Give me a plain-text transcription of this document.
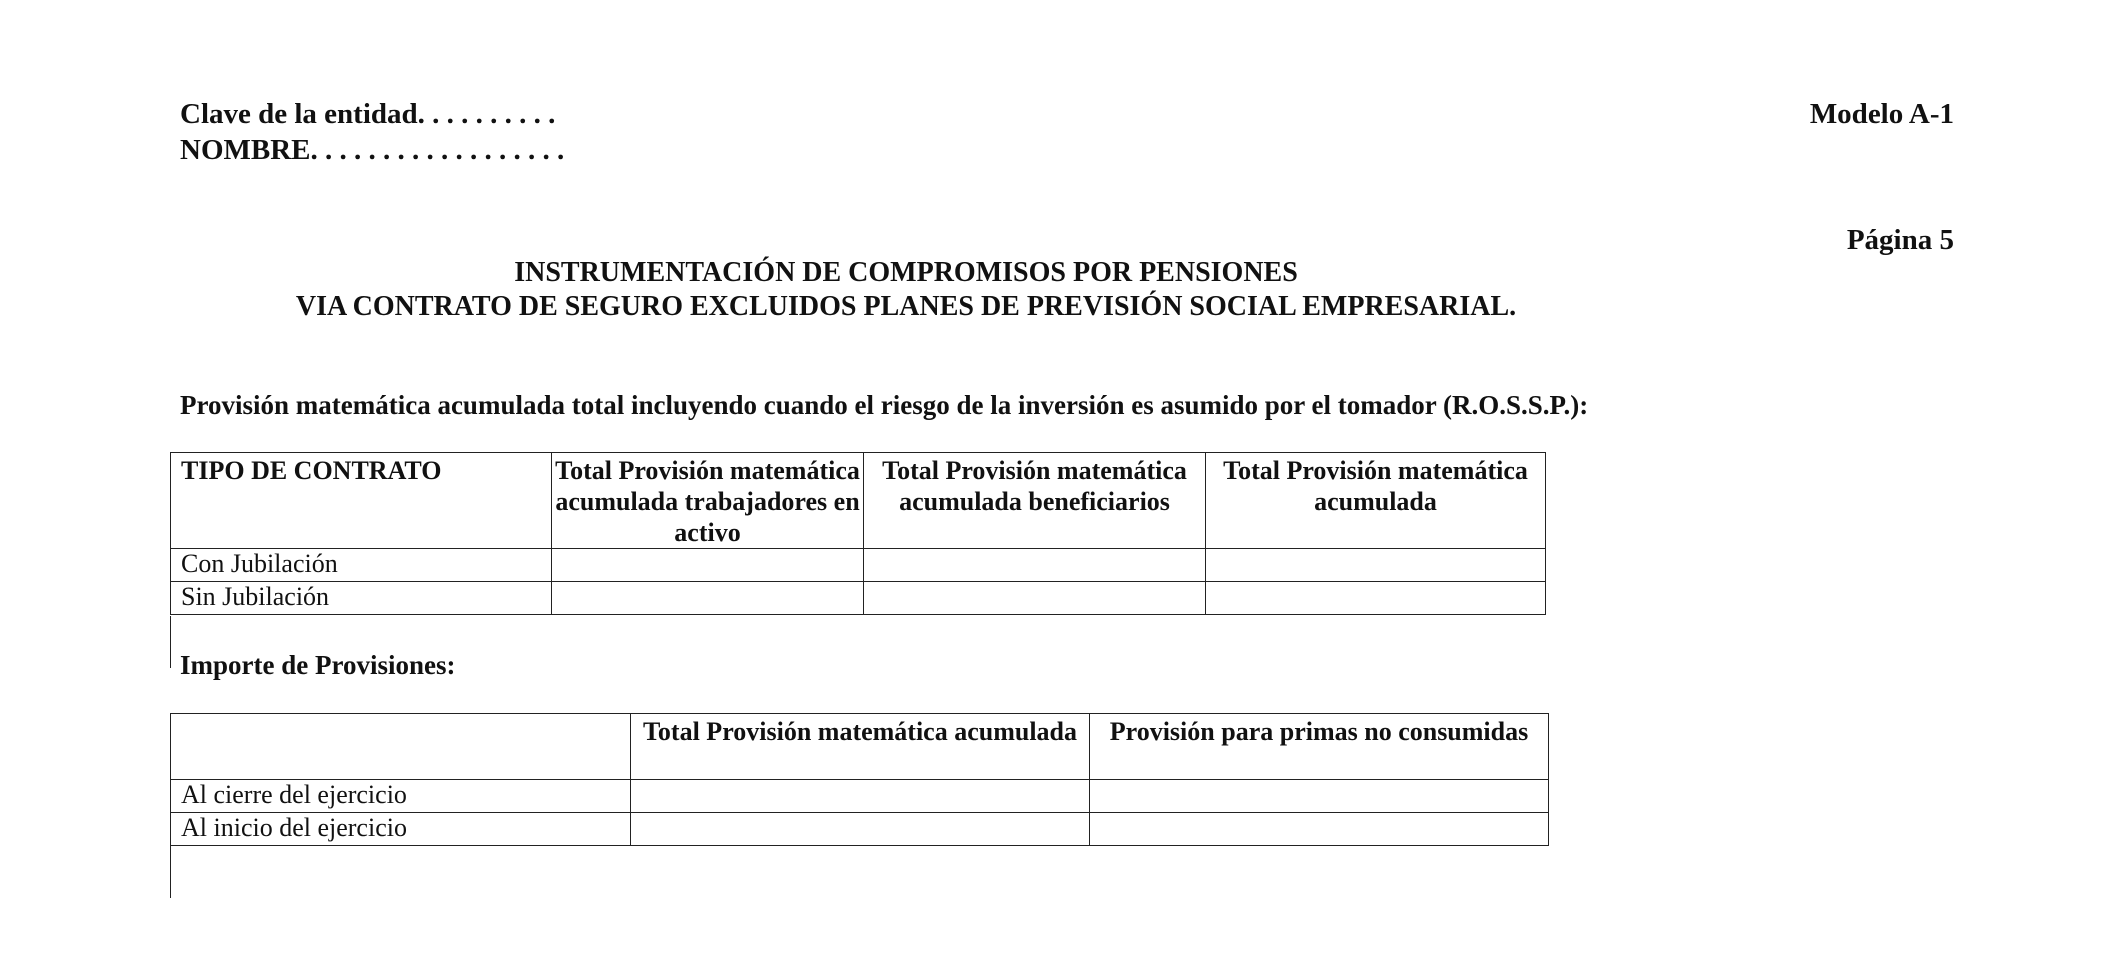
Clave de la entidad. . . . . . . . . .
NOMBRE. . . . . . . . . . . . . . . . . .
Modelo A-1
Página 5
INSTRUMENTACIÓN DE COMPROMISOS POR PENSIONES
VIA CONTRATO DE SEGURO EXCLUIDOS PLANES DE PREVISIÓN SOCIAL EMPRESARIAL.
Provisión matemática acumulada total incluyendo cuando el riesgo de la inversión es asumido por el tomador (R.O.S.S.P.):
TIPO DE CONTRATO	Total Provisión matemática acumulada trabajadores en activo	Total Provisión matemática acumulada beneficiarios	Total Provisión matemática acumulada
Con Jubilación			
Sin Jubilación			
Importe de Provisiones:
	Total Provisión matemática acumulada	Provisión para primas no consumidas
Al cierre del ejercicio		
Al inicio del ejercicio		
